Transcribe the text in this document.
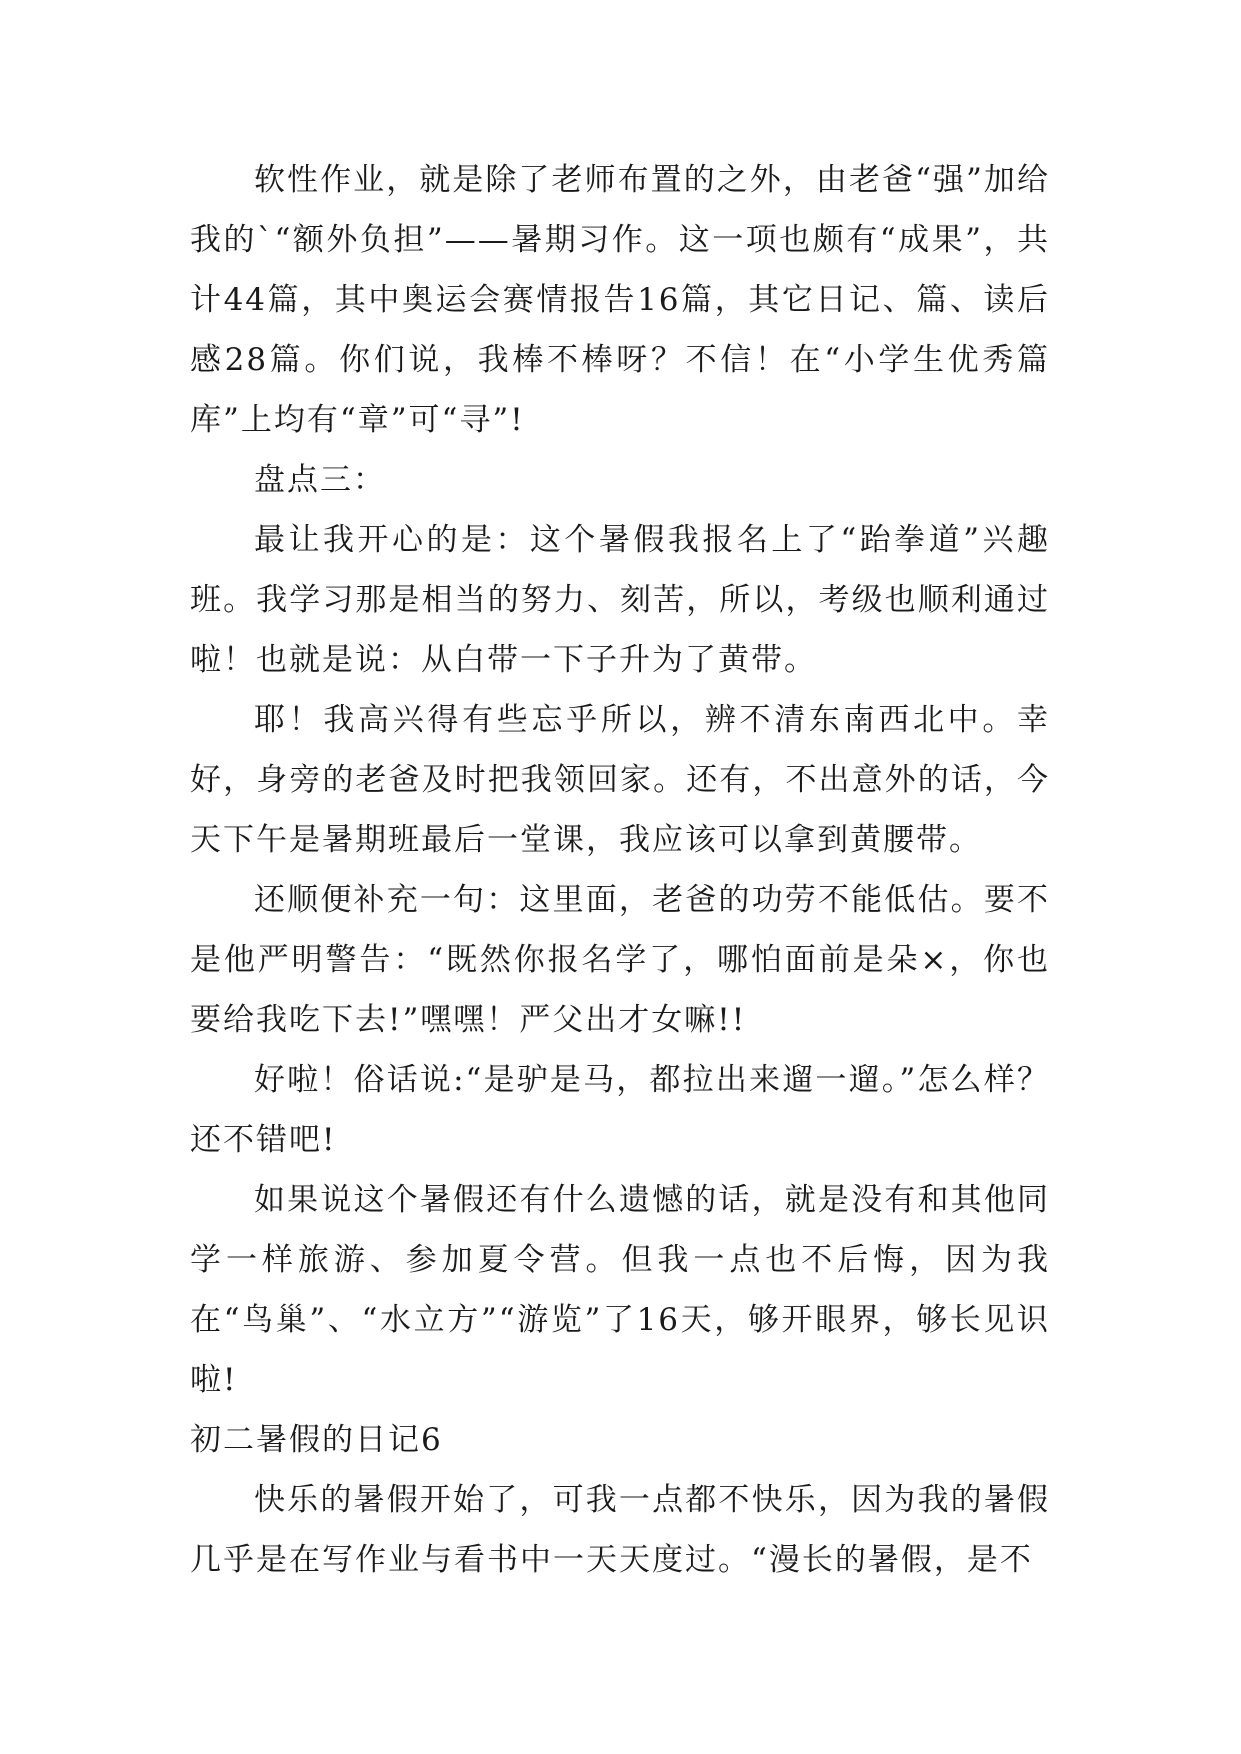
软性作业，就是除了老师布置的之外，由老爸“强”加给我的`“额外负担”——暑期习作。这一项也颇有“成果”，共计44篇，其中奥运会赛情报告16篇，其它日记、篇、读后感28篇。你们说，我棒不棒呀？不信！在“小学生优秀篇库”上均有“章”可“寻”!

盘点三：

最让我开心的是：这个暑假我报名上了“跆拳道”兴趣班。我学习那是相当的努力、刻苦，所以，考级也顺利通过啦！也就是说：从白带一下子升为了黄带。

耶！我高兴得有些忘乎所以，辨不清东南西北中。幸好，身旁的老爸及时把我领回家。还有，不出意外的话，今天下午是暑期班最后一堂课，我应该可以拿到黄腰带。

还顺便补充一句：这里面，老爸的功劳不能低估。要不是他严明警告：“既然你报名学了，哪怕面前是朵×，你也要给我吃下去!”嘿嘿！严父出才女嘛!!

好啦！俗话说:“是驴是马，都拉出来遛一遛。”怎么样？还不错吧!

如果说这个暑假还有什么遗憾的话，就是没有和其他同学一样旅游、参加夏令营。但我一点也不后悔，因为我在“鸟巢”、“水立方”“游览”了16天，够开眼界，够长见识啦!

初二暑假的日记6

快乐的暑假开始了，可我一点都不快乐，因为我的暑假几乎是在写作业与看书中一天天度过。“漫长的暑假，是不
